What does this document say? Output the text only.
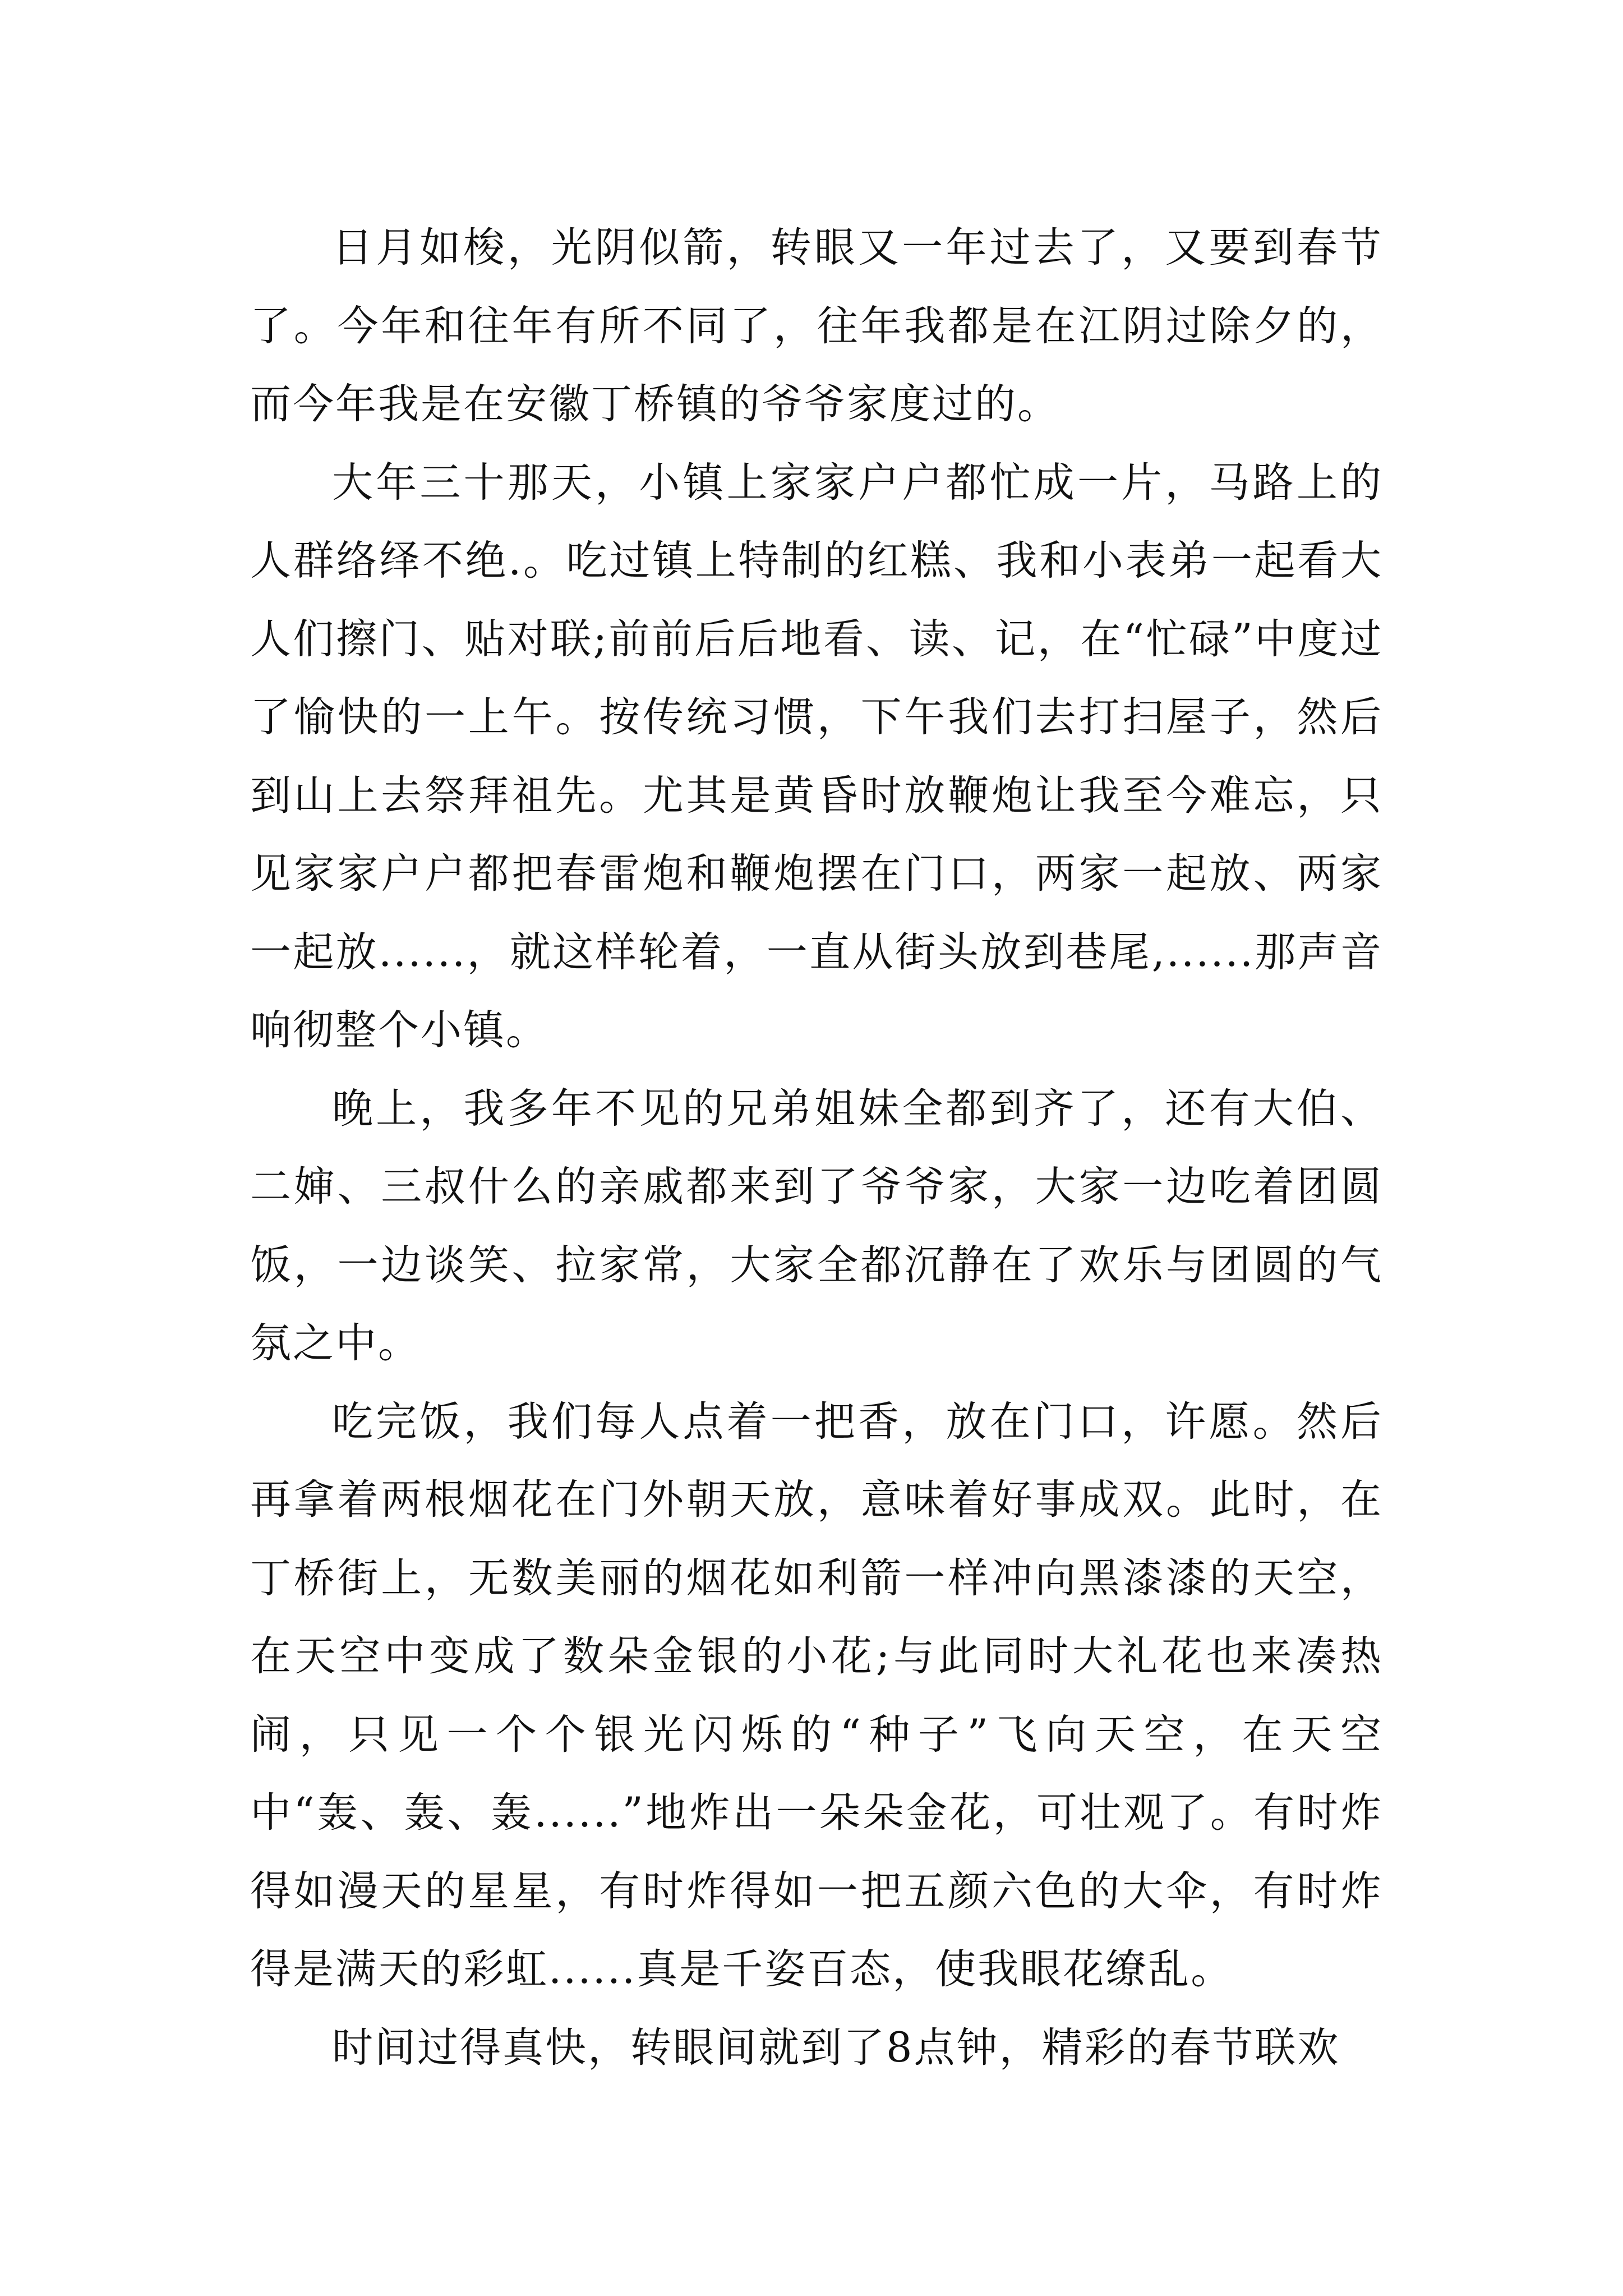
日月如梭，光阴似箭，转眼又一年过去了，又要到春节了。今年和往年有所不同了，往年我都是在江阴过除夕的，而今年我是在安徽丁桥镇的爷爷家度过的。

大年三十那天，小镇上家家户户都忙成一片，马路上的人群络绎不绝.。吃过镇上特制的红糕、我和小表弟一起看大人们擦门、贴对联;前前后后地看、读、记，在“忙碌”中度过了愉快的一上午。按传统习惯，下午我们去打扫屋子，然后到山上去祭拜祖先。尤其是黄昏时放鞭炮让我至今难忘，只见家家户户都把春雷炮和鞭炮摆在门口，两家一起放、两家一起放......，就这样轮着，一直从街头放到巷尾,......那声音响彻整个小镇。

晚上，我多年不见的兄弟姐妹全都到齐了，还有大伯、二婶、三叔什么的亲戚都来到了爷爷家，大家一边吃着团圆饭，一边谈笑、拉家常，大家全都沉静在了欢乐与团圆的气氛之中。

吃完饭，我们每人点着一把香，放在门口，许愿。然后再拿着两根烟花在门外朝天放，意味着好事成双。此时，在丁桥街上，无数美丽的烟花如利箭一样冲向黑漆漆的天空，在天空中变成了数朵金银的小花;与此同时大礼花也来凑热闹，只见一个个银光闪烁的“种子”飞向天空，在天空中“轰、轰、轰......”地炸出一朵朵金花，可壮观了。有时炸得如漫天的星星，有时炸得如一把五颜六色的大伞，有时炸得是满天的彩虹......真是千姿百态，使我眼花缭乱。

时间过得真快，转眼间就到了8点钟，精彩的春节联欢
